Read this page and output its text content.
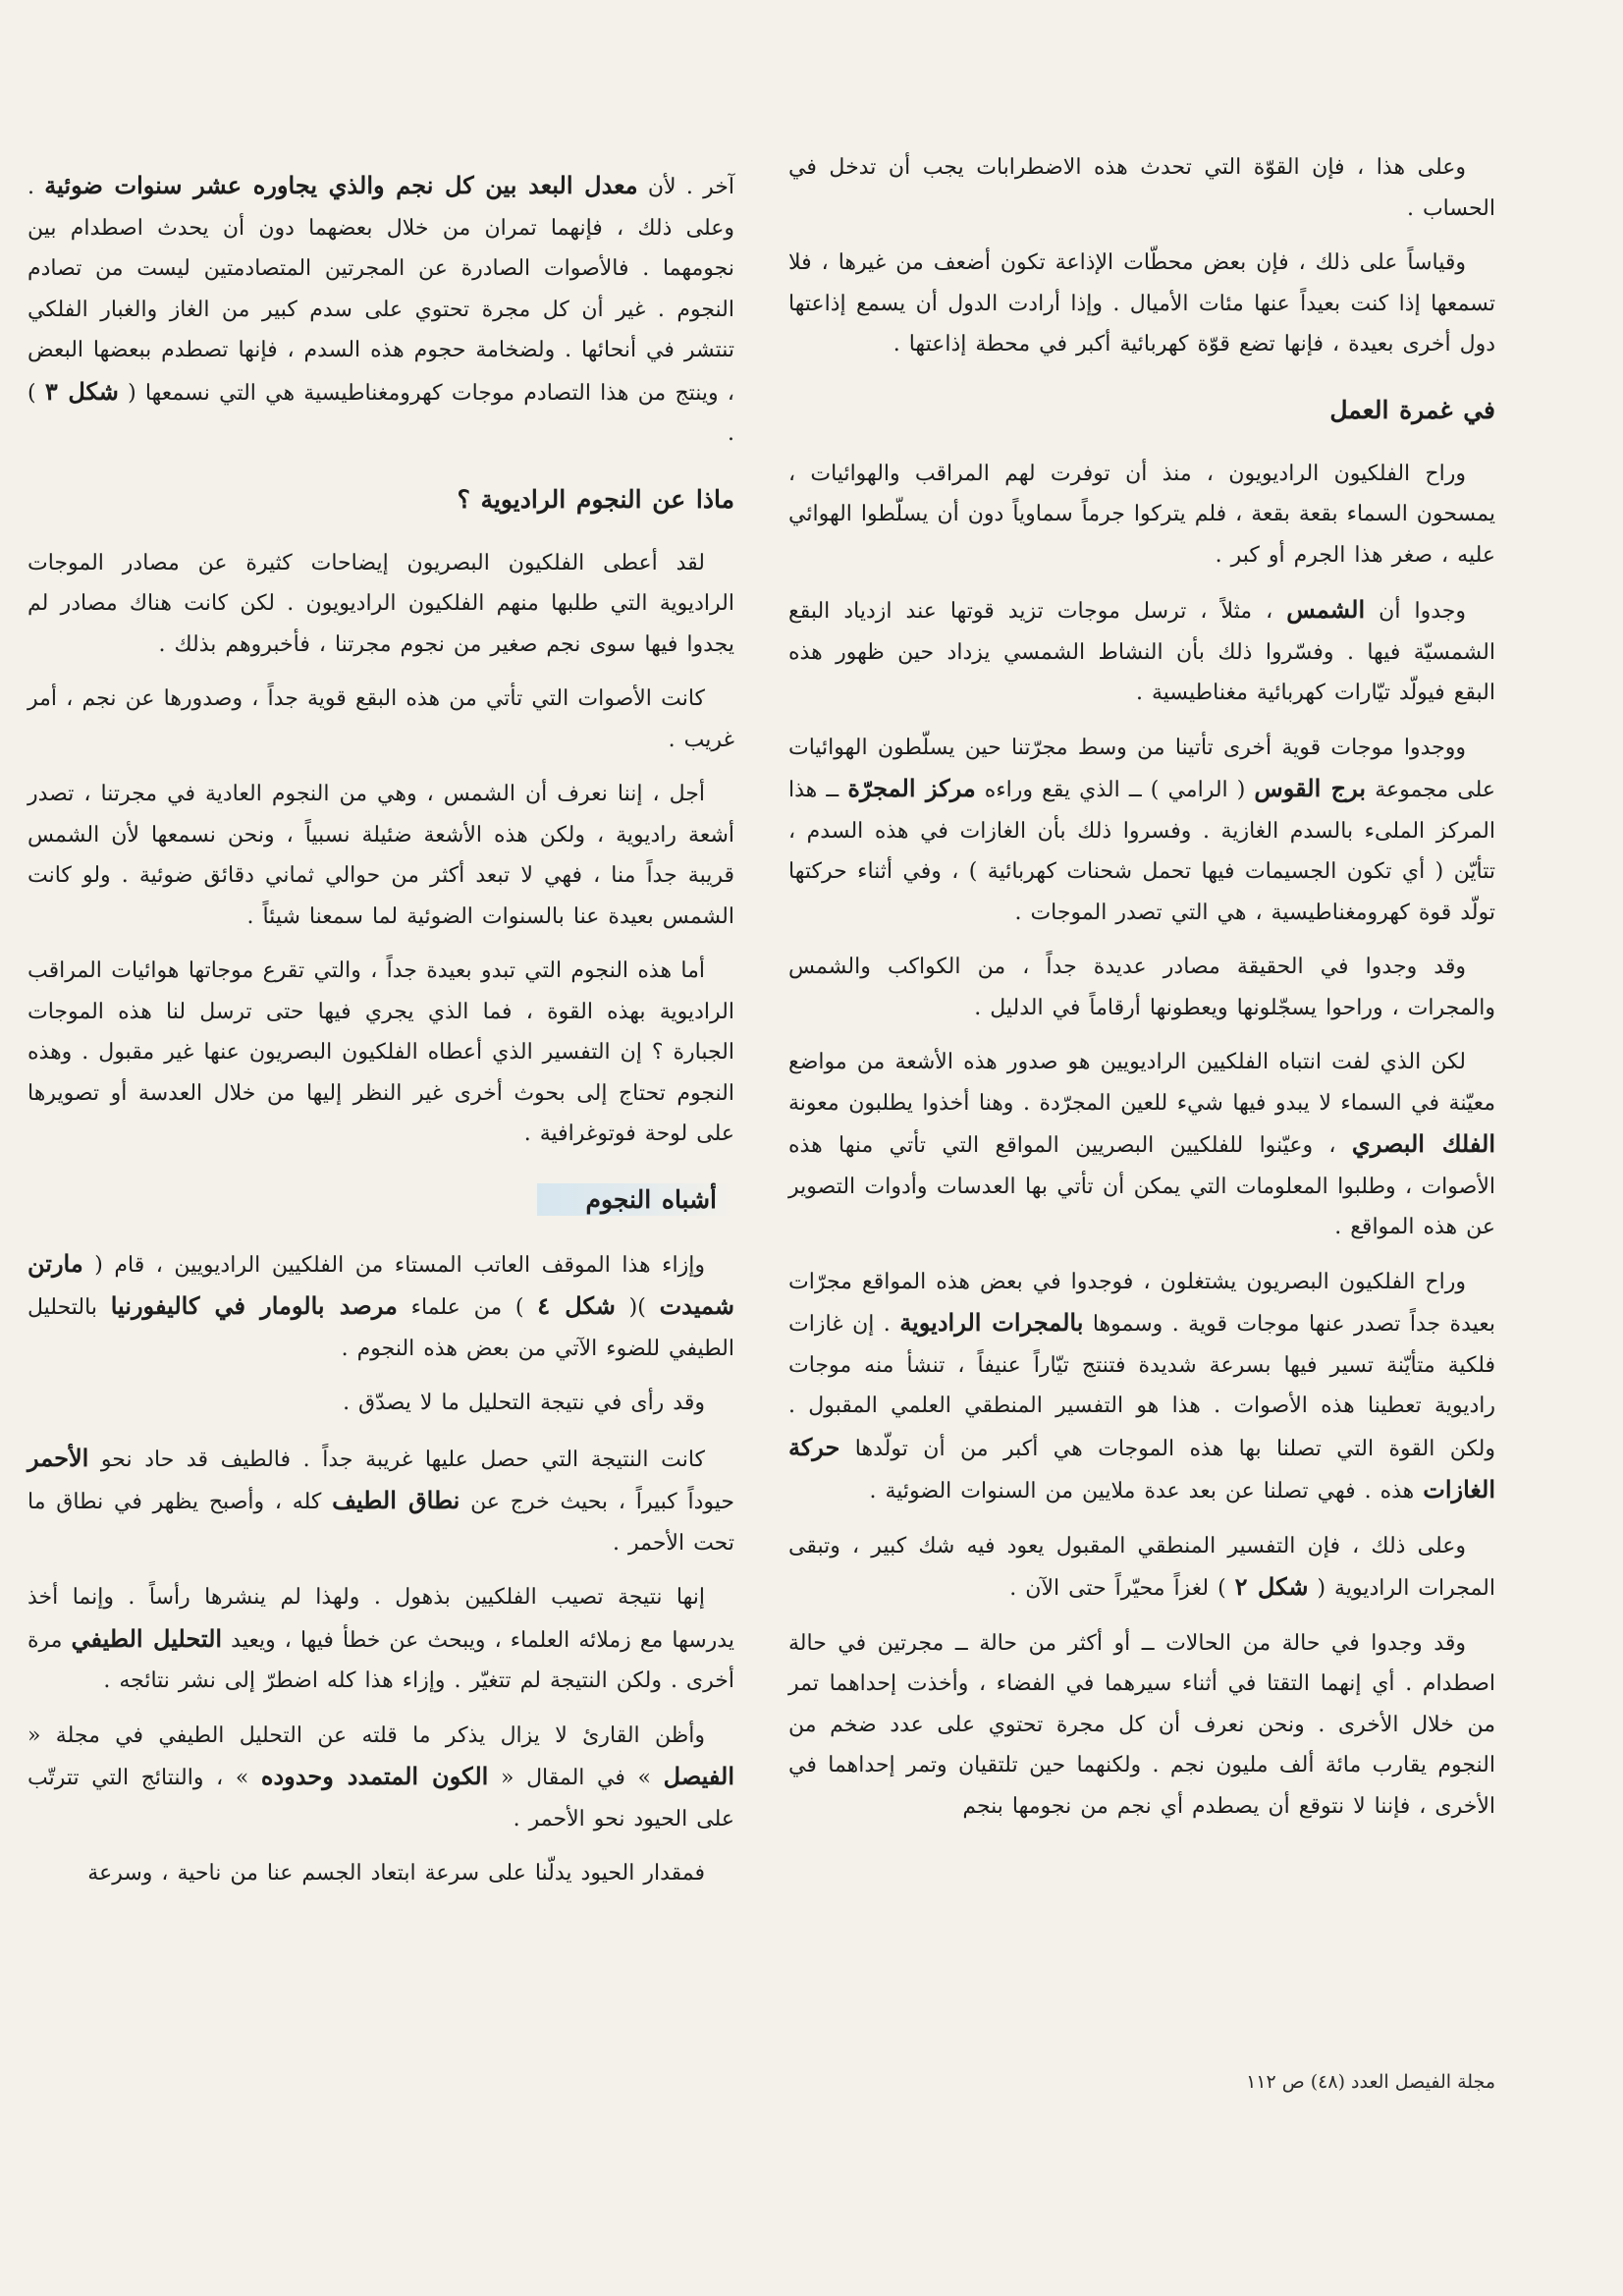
وعلى هذا ، فإن القوّة التي تحدث هذه الاضطرابات يجب أن تدخل في الحساب .

وقياساً على ذلك ، فإن بعض محطّات الإذاعة تكون أضعف من غيرها ، فلا تسمعها إذا كنت بعيداً عنها مئات الأميال . وإذا أرادت الدول أن يسمع إذاعتها دول أخرى بعيدة ، فإنها تضع قوّة كهربائية أكبر في محطة إذاعتها .

في غمرة العمل

وراح الفلكيون الراديويون ، منذ أن توفرت لهم المراقب والهوائيات ، يمسحون السماء بقعة بقعة ، فلم يتركوا جرماً سماوياً دون أن يسلّطوا الهوائي عليه ، صغر هذا الجرم أو كبر .

وجدوا أن الشمس ، مثلاً ، ترسل موجات تزيد قوتها عند ازدياد البقع الشمسيّة فيها . وفسّروا ذلك بأن النشاط الشمسي يزداد حين ظهور هذه البقع فيولّد تيّارات كهربائية مغناطيسية .

ووجدوا موجات قوية أخرى تأتينا من وسط مجرّتنا حين يسلّطون الهوائيات على مجموعة برج القوس ( الرامي ) ــ الذي يقع وراءه مركز المجرّة ــ هذا المركز الملىء بالسدم الغازية . وفسروا ذلك بأن الغازات في هذه السدم ، تتأيّن ( أي تكون الجسيمات فيها تحمل شحنات كهربائية ) ، وفي أثناء حركتها تولّد قوة كهرومغناطيسية ، هي التي تصدر الموجات .

وقد وجدوا في الحقيقة مصادر عديدة جداً ، من الكواكب والشمس والمجرات ، وراحوا يسجّلونها ويعطونها أرقاماً في الدليل .

لكن الذي لفت انتباه الفلكيين الراديويين هو صدور هذه الأشعة من مواضع معيّنة في السماء لا يبدو فيها شيء للعين المجرّدة . وهنا أخذوا يطلبون معونة الفلك البصري ، وعيّنوا للفلكيين البصريين المواقع التي تأتي منها هذه الأصوات ، وطلبوا المعلومات التي يمكن أن تأتي بها العدسات وأدوات التصوير عن هذه المواقع .

وراح الفلكيون البصريون يشتغلون ، فوجدوا في بعض هذه المواقع مجرّات بعيدة جداً تصدر عنها موجات قوية . وسموها بالمجرات الراديوية . إن غازات فلكية متأيّنة تسير فيها بسرعة شديدة فتنتج تيّاراً عنيفاً ، تنشأ منه موجات راديوية تعطينا هذه الأصوات . هذا هو التفسير المنطقي العلمي المقبول . ولكن القوة التي تصلنا بها هذه الموجات هي أكبر من أن تولّدها حركة الغازات هذه . فهي تصلنا عن بعد عدة ملايين من السنوات الضوئية .

وعلى ذلك ، فإن التفسير المنطقي المقبول يعود فيه شك كبير ، وتبقى المجرات الراديوية ( شكل ٢ ) لغزاً محيّراً حتى الآن .

وقد وجدوا في حالة من الحالات ــ أو أكثر من حالة ــ مجرتين في حالة اصطدام . أي إنهما التقتا في أثناء سيرهما في الفضاء ، وأخذت إحداهما تمر من خلال الأخرى . ونحن نعرف أن كل مجرة تحتوي على عدد ضخم من النجوم يقارب مائة ألف مليون نجم . ولكنهما حين تلتقيان وتمر إحداهما في الأخرى ، فإننا لا نتوقع أن يصطدم أي نجم من نجومها بنجم

آخر . لأن معدل البعد بين كل نجم والذي يجاوره عشر سنوات ضوئية . وعلى ذلك ، فإنهما تمران من خلال بعضهما دون أن يحدث اصطدام بين نجومهما . فالأصوات الصادرة عن المجرتين المتصادمتين ليست من تصادم النجوم . غير أن كل مجرة تحتوي على سدم كبير من الغاز والغبار الفلكي تنتشر في أنحائها . ولضخامة حجوم هذه السدم ، فإنها تصطدم ببعضها البعض ، وينتج من هذا التصادم موجات كهرومغناطيسية هي التي نسمعها ( شكل ٣ ) .

ماذا عن النجوم الراديوية ؟

لقد أعطى الفلكيون البصريون إيضاحات كثيرة عن مصادر الموجات الراديوية التي طلبها منهم الفلكيون الراديويون . لكن كانت هناك مصادر لم يجدوا فيها سوى نجم صغير من نجوم مجرتنا ، فأخبروهم بذلك .

كانت الأصوات التي تأتي من هذه البقع قوية جداً ، وصدورها عن نجم ، أمر غريب .

أجل ، إننا نعرف أن الشمس ، وهي من النجوم العادية في مجرتنا ، تصدر أشعة راديوية ، ولكن هذه الأشعة ضئيلة نسبياً ، ونحن نسمعها لأن الشمس قريبة جداً منا ، فهي لا تبعد أكثر من حوالي ثماني دقائق ضوئية . ولو كانت الشمس بعيدة عنا بالسنوات الضوئية لما سمعنا شيئاً .

أما هذه النجوم التي تبدو بعيدة جداً ، والتي تقرع موجاتها هوائيات المراقب الراديوية بهذه القوة ، فما الذي يجري فيها حتى ترسل لنا هذه الموجات الجبارة ؟ إن التفسير الذي أعطاه الفلكيون البصريون عنها غير مقبول . وهذه النجوم تحتاج إلى بحوث أخرى غير النظر إليها من خلال العدسة أو تصويرها على لوحة فوتوغرافية .

أشباه النجوم

وإزاء هذا الموقف العاتب المستاء من الفلكيين الراديويين ، قام ( مارتن شميدت )( شكل ٤ ) من علماء مرصد بالومار في كاليفورنيا بالتحليل الطيفي للضوء الآتي من بعض هذه النجوم .

وقد رأى في نتيجة التحليل ما لا يصدّق .

كانت النتيجة التي حصل عليها غريبة جداً . فالطيف قد حاد نحو الأحمر حيوداً كبيراً ، بحيث خرج عن نطاق الطيف كله ، وأصبح يظهر في نطاق ما تحت الأحمر .

إنها نتيجة تصيب الفلكيين بذهول . ولهذا لم ينشرها رأساً . وإنما أخذ يدرسها مع زملائه العلماء ، ويبحث عن خطأ فيها ، ويعيد التحليل الطيفي مرة أخرى . ولكن النتيجة لم تتغيّر . وإزاء هذا كله اضطرّ إلى نشر نتائجه .

وأظن القارئ لا يزال يذكر ما قلته عن التحليل الطيفي في مجلة « الفيصل » في المقال « الكون المتمدد وحدوده » ، والنتائج التي تترتّب على الحيود نحو الأحمر .

فمقدار الحيود يدلّنا على سرعة ابتعاد الجسم عنا من ناحية ، وسرعة

مجلة الفيصل العدد (٤٨) ص ١١٢
